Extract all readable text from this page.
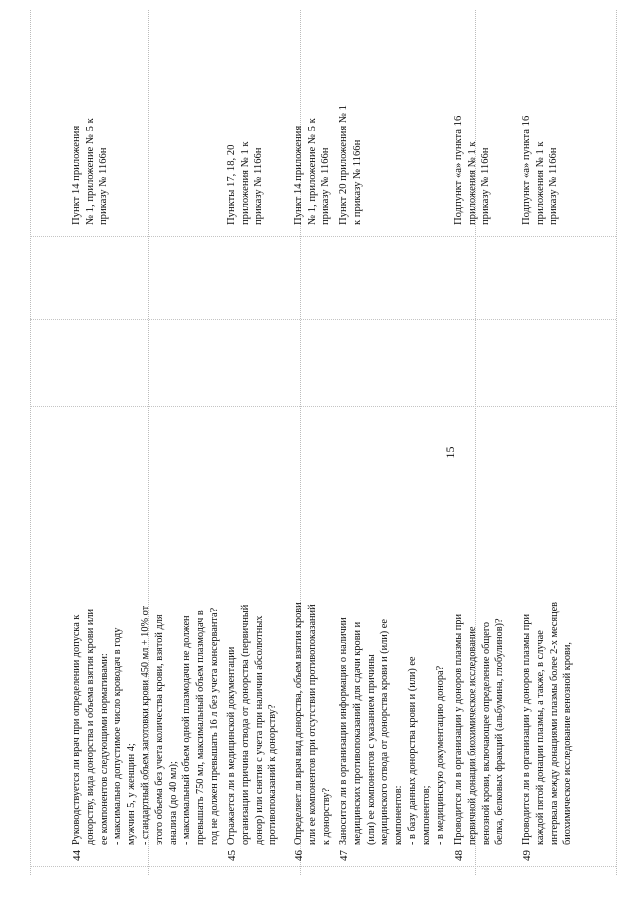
15
44
Руководствуется ли врач при определении допуска к
донорству, вида донорства и объема взятия крови или
ее компонентов следующими нормативами:
- максимально допустимое число кроводач в году
мужчин 5, у женщин 4;
- стандартный объем заготовки крови 450 мл + 10% от
этого объема без учета количества крови, взятой для
анализа (до 40 мл);
- максимальный объем одной плазмодачи не должен
превышать 750 мл, максимальный объем плазмодач в
год не должен превышать 16 л без учета консерванта?
Пункт 14 приложения
№ 1, приложение № 5 к
приказу № 1166н
45
Отражается ли в медицинской документации
организации причина отвода от донорства (первичный
донор) или снятия с учета при наличии абсолютных
противопоказаний к донорству?
Пункты 17, 18, 20
приложения № 1 к
приказу № 1166н
46
Определяет ли врач вид донорства, объем взятия крови
или ее компонентов при отсутствии противопоказаний
к донорству?
Пункт 14 приложения
№ 1, приложение № 5 к
приказу № 1166н
47
Заносится ли в организации информация о наличии
медицинских противопоказаний для сдачи крови и
(или) ее компонентов с указанием причины
медицинского отвода от донорства крови и (или) ее
компонентов:
- в базу данных донорства крови и (или) ее
компонентов;
- в медицинскую документацию донора?
Пункт 20 приложения № 1
к приказу № 1166н
48
Проводится ли в организации у доноров плазмы при
первичной донации биохимическое исследование
венозной крови, включающее определение общего
белка, белковых фракций (альбумина, глобулинов)?
Подпункт «а» пункта 16
приложения № 1 к
приказу № 1166н
49
Проводится ли в организации у доноров плазмы при
каждой пятой донации плазмы, а также, в случае
интервала между донациями плазмы более 2-х месяцев
биохимическое исследование венозной крови,
Подпункт «а» пункта 16
приложения № 1 к
приказу № 1166н
